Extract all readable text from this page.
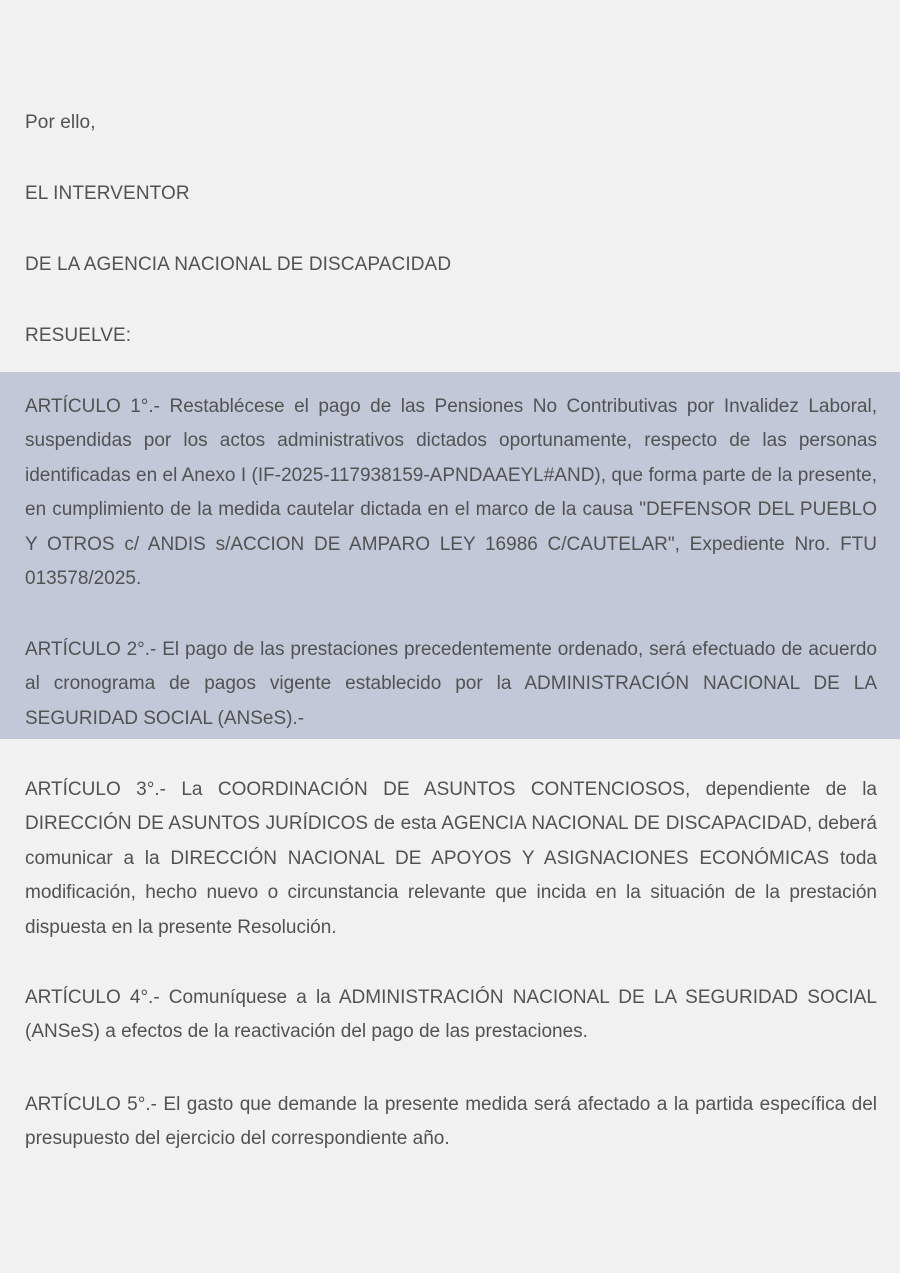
Por ello,
EL INTERVENTOR
DE LA AGENCIA NACIONAL DE DISCAPACIDAD
RESUELVE:

ARTÍCULO 1°.- Restablécese el pago de las Pensiones No Contributivas por Invalidez Laboral, suspendidas por los actos administrativos dictados oportunamente, respecto de las personas identificadas en el Anexo I (IF-2025-117938159-APNDAAEYL#AND), que forma parte de la presente, en cumplimiento de la medida cautelar dictada en el marco de la causa "DEFENSOR DEL PUEBLO Y OTROS c/ ANDIS s/ACCION DE AMPARO LEY 16986 C/CAUTELAR", Expediente Nro. FTU 013578/2025.

ARTÍCULO 2°.- El pago de las prestaciones precedentemente ordenado, será efectuado de acuerdo al cronograma de pagos vigente establecido por la ADMINISTRACIÓN NACIONAL DE LA SEGURIDAD SOCIAL (ANSeS).-

ARTÍCULO 3°.- La COORDINACIÓN DE ASUNTOS CONTENCIOSOS, dependiente de la DIRECCIÓN DE ASUNTOS JURÍDICOS de esta AGENCIA NACIONAL DE DISCAPACIDAD, deberá comunicar a la DIRECCIÓN NACIONAL DE APOYOS Y ASIGNACIONES ECONÓMICAS toda modificación, hecho nuevo o circunstancia relevante que incida en la situación de la prestación dispuesta en la presente Resolución.

ARTÍCULO 4°.- Comuníquese a la ADMINISTRACIÓN NACIONAL DE LA SEGURIDAD SOCIAL (ANSeS) a efectos de la reactivación del pago de las prestaciones.

ARTÍCULO 5°.- El gasto que demande la presente medida será afectado a la partida específica del presupuesto del ejercicio del correspondiente año.
